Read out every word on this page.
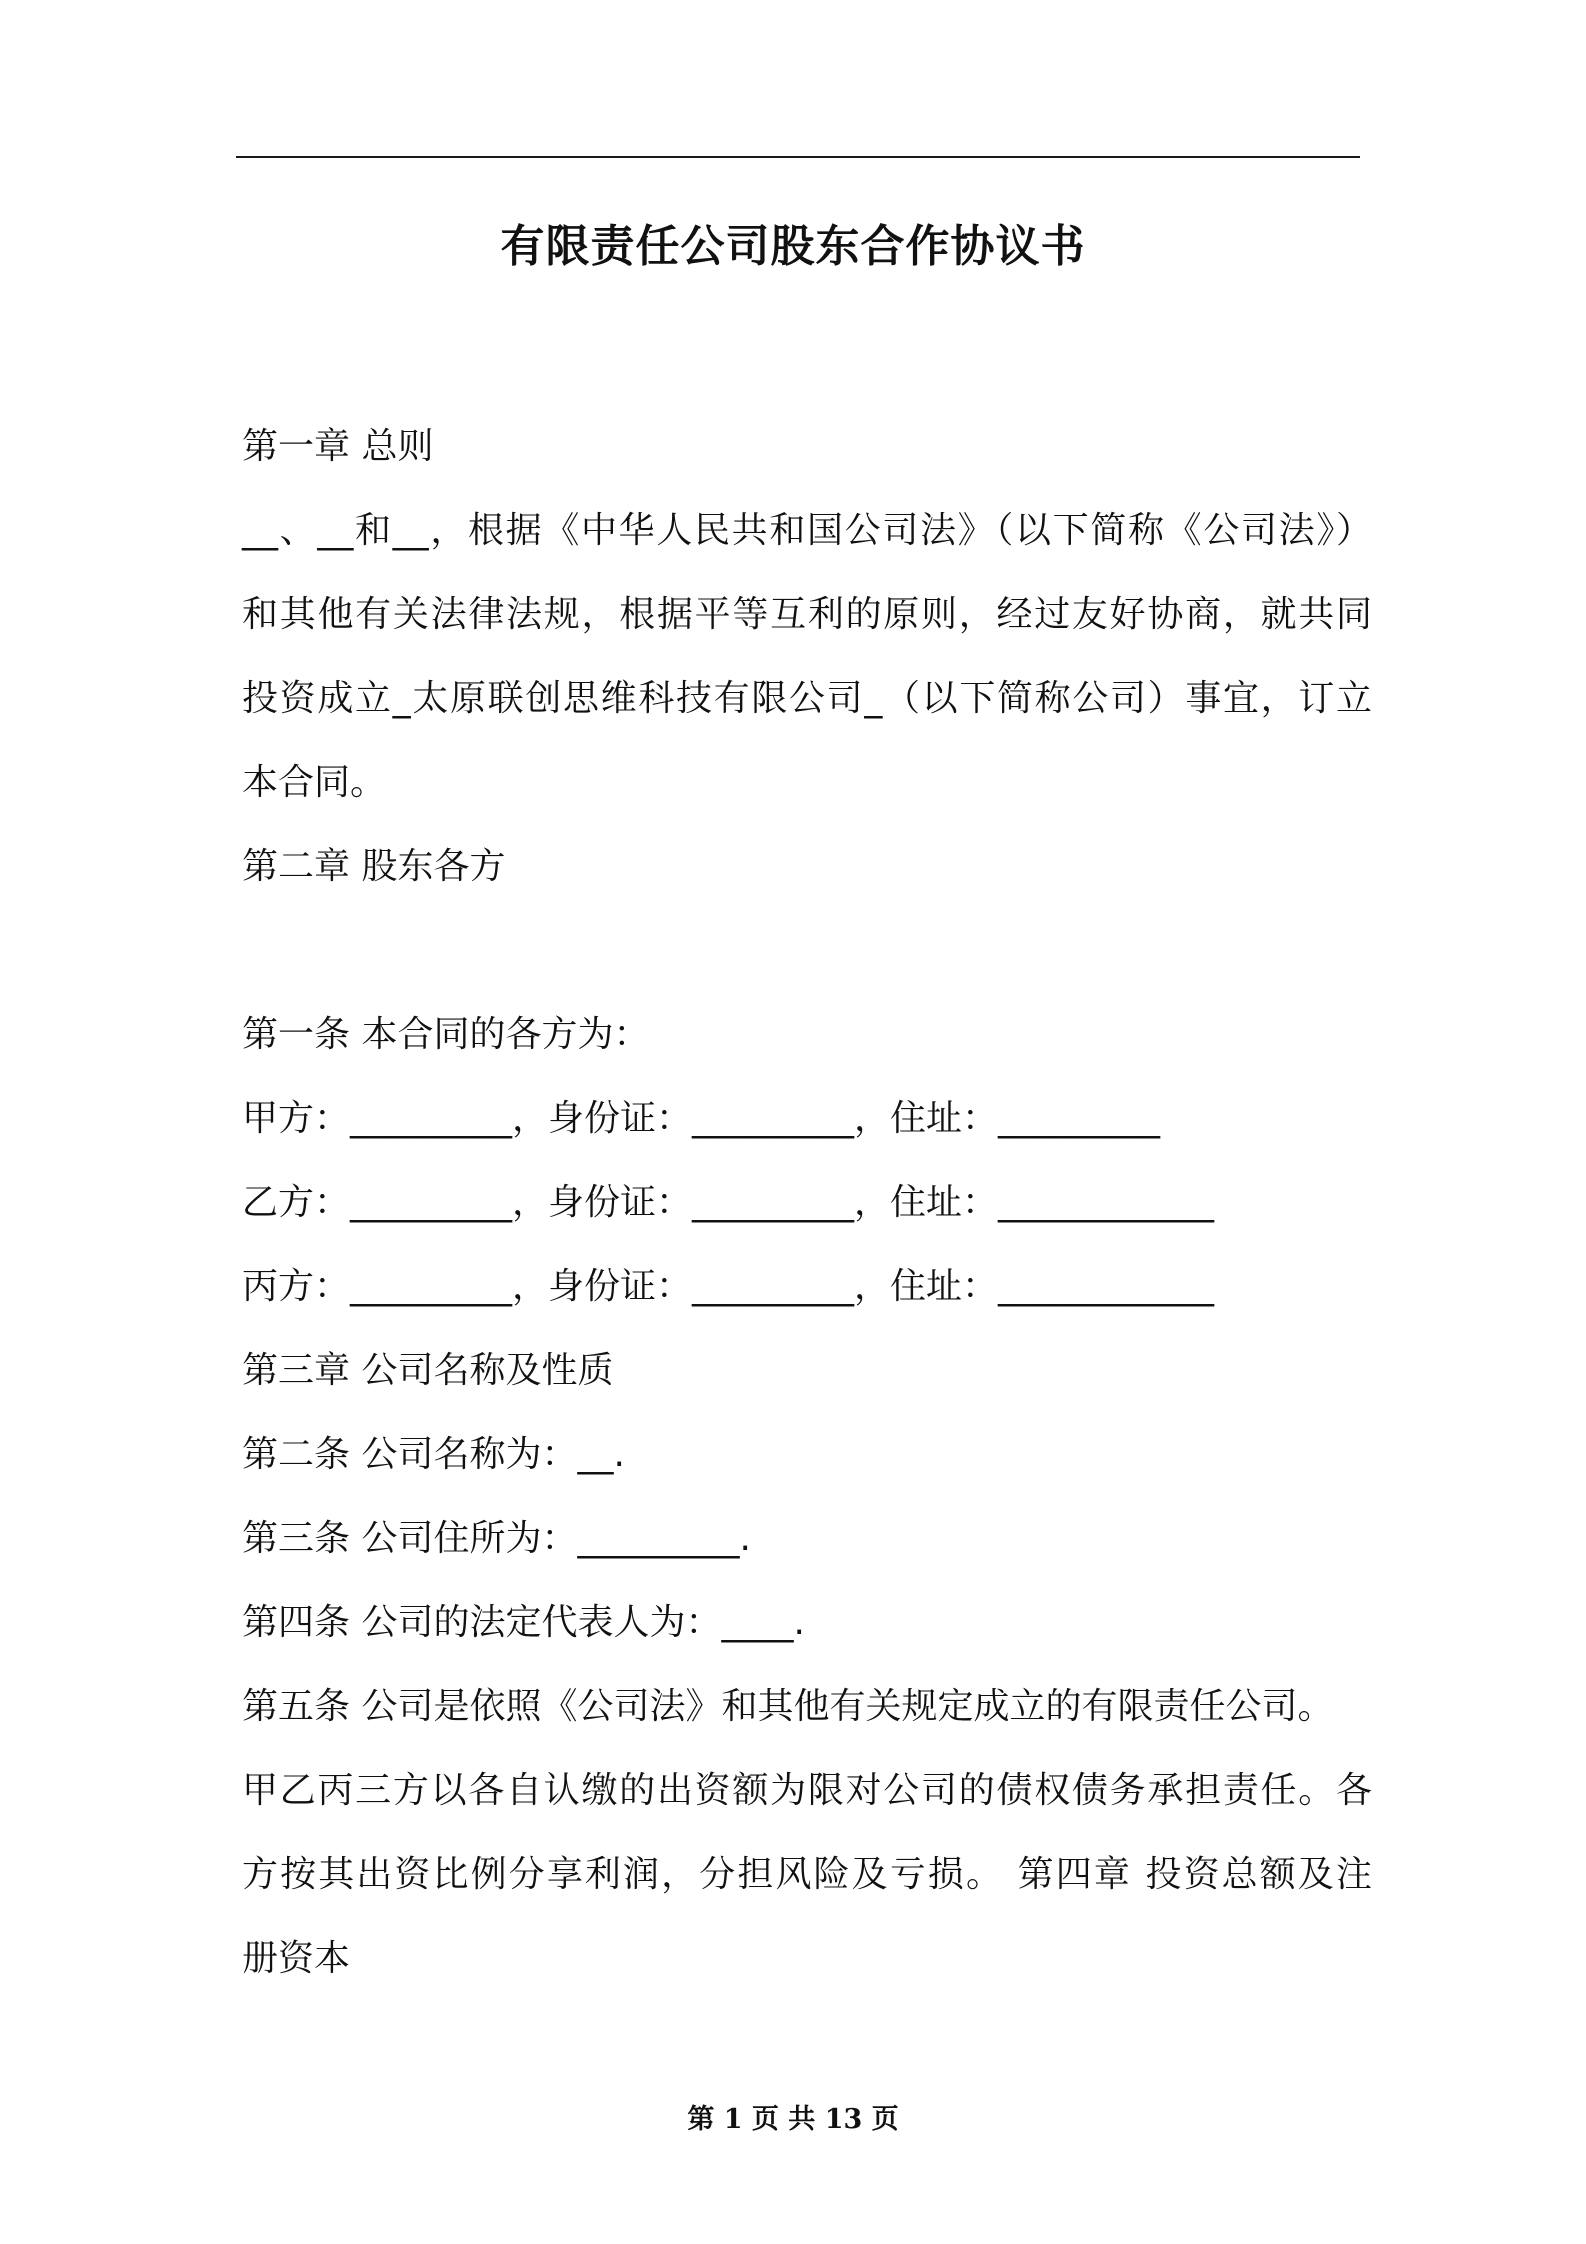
有限责任公司股东合作协议书
第一章 总则
__、__和__，根据《中华人民共和国公司法》（以下简称《公司法》）
和其他有关法律法规，根据平等互利的原则，经过友好协商，就共同
投资成立_太原联创思维科技有限公司_（以下简称公司）事宜，订立
本合同。
第二章 股东各方
第一条 本合同的各方为：
甲方：_________，身份证：_________，住址：_________
乙方：_________，身份证：_________，住址：____________
丙方：_________，身份证：_________，住址：____________
第三章 公司名称及性质
第二条 公司名称为：__.
第三条 公司住所为：_________.
第四条 公司的法定代表人为：____.
第五条 公司是依照《公司法》和其他有关规定成立的有限责任公司。
甲乙丙三方以各自认缴的出资额为限对公司的债权债务承担责任。各
方按其出资比例分享利润，分担风险及亏损。 第四章 投资总额及注
册资本
第 1 页 共 13 页
